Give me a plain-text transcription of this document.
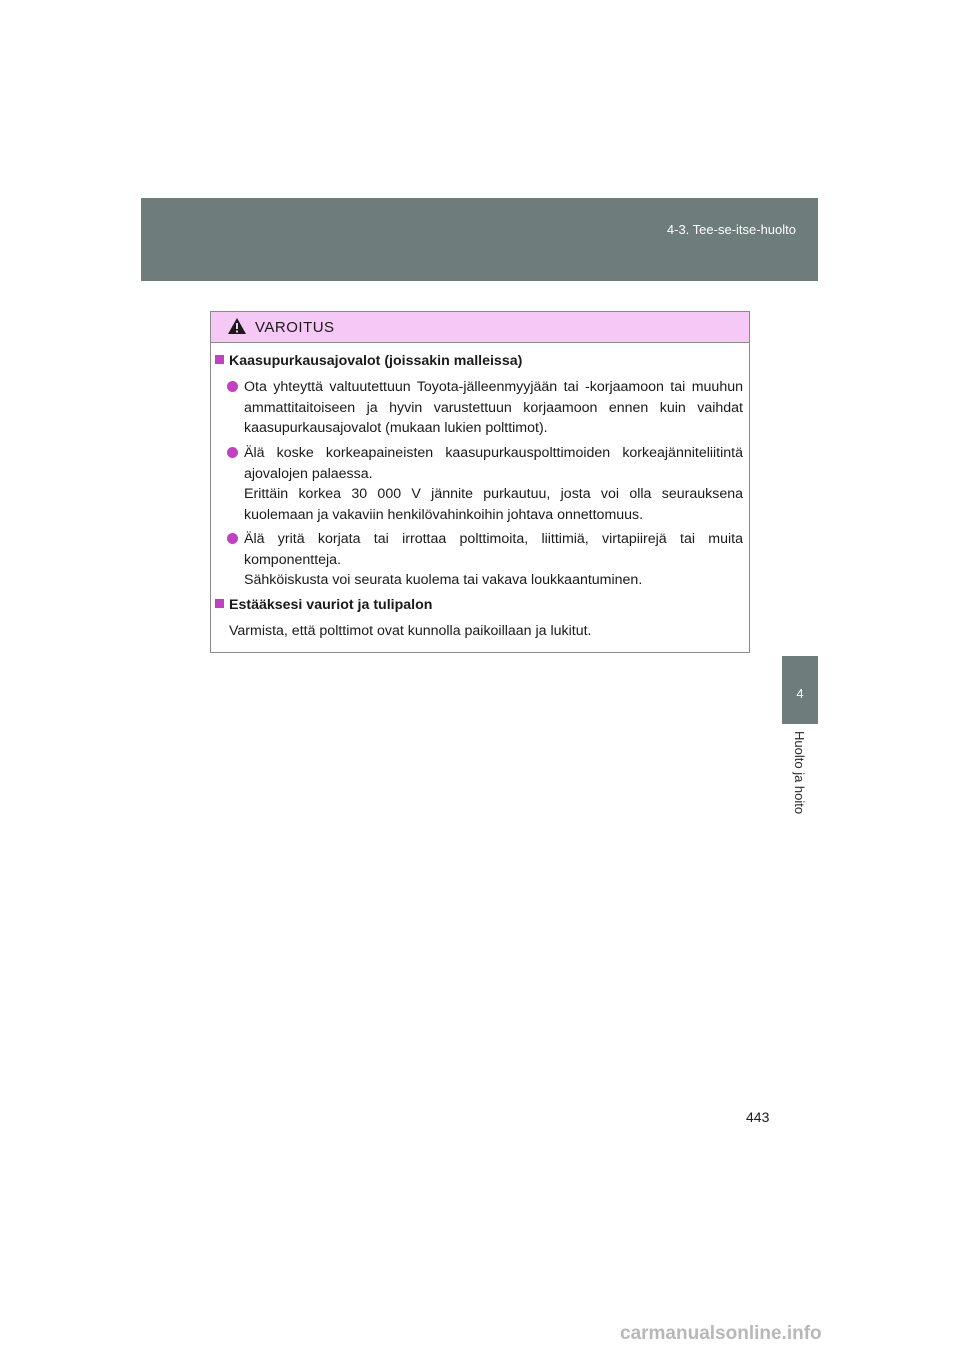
4-3. Tee-se-itse-huolto
4
Huolto ja hoito
VAROITUS
Kaasupurkausajovalot (joissakin malleissa)
Ota yhteyttä valtuutettuun Toyota-jälleenmyyjään tai -korjaamoon tai muuhun ammattitaitoiseen ja hyvin varustettuun korjaamoon ennen kuin vaihdat kaasupurkausajovalot (mukaan lukien polttimot).
Älä koske korkeapaineisten kaasupurkauspolttimoiden korkeajänniteliitintä ajovalojen palaessa.
Erittäin korkea 30 000 V jännite purkautuu, josta voi olla seurauksena kuolemaan ja vakaviin henkilövahinkoihin johtava onnettomuus.
Älä yritä korjata tai irrottaa polttimoita, liittimiä, virtapiirejä tai muita komponentteja.
Sähköiskusta voi seurata kuolema tai vakava loukkaantuminen.
Estääksesi vauriot ja tulipalon
Varmista, että polttimot ovat kunnolla paikoillaan ja lukitut.
443
carmanualsonline.info
